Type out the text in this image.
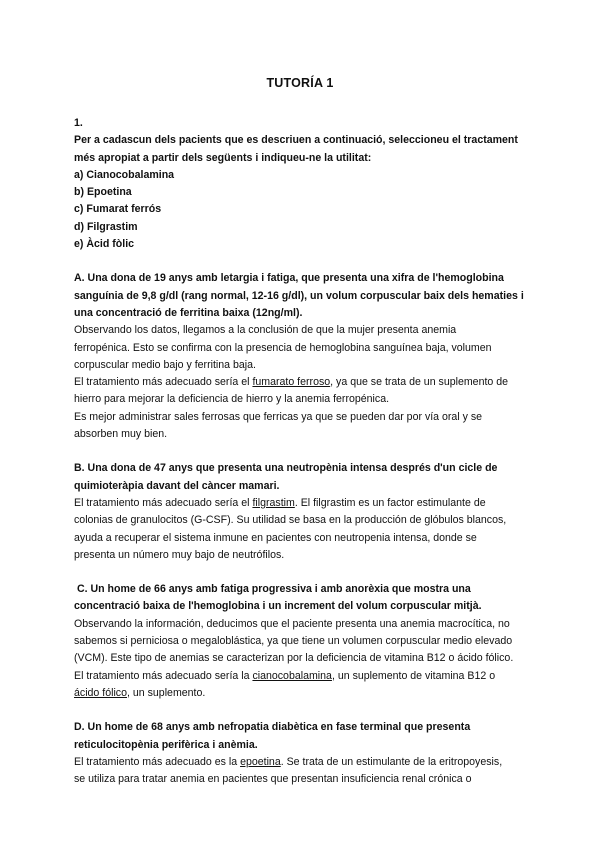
TUTORÍA 1
1.
Per a cadascun dels pacients que es descriuen a continuació, seleccioneu el tractament
més apropiat a partir dels següents i indiqueu-ne la utilitat:
a) Cianocobalamina
b) Epoetina
c) Fumarat ferrós
d) Filgrastim
e) Àcid fòlic
A. Una dona de 19 anys amb letargia i fatiga, que presenta una xifra de l'hemoglobina
sanguínia de 9,8 g/dl (rang normal, 12-16 g/dl), un volum corpuscular baix dels hematies i
una concentració de ferritina baixa (12ng/ml).
Observando los datos, llegamos a la conclusión de que la mujer presenta anemia
ferropénica. Esto se confirma con la presencia de hemoglobina sanguínea baja, volumen
corpuscular medio bajo y ferritina baja.
El tratamiento más adecuado sería el fumarato ferroso, ya que se trata de un suplemento de
hierro para mejorar la deficiencia de hierro y la anemia ferropénica.
Es mejor administrar sales ferrosas que ferricas ya que se pueden dar por vía oral y se
absorben muy bien.
B. Una dona de 47 anys que presenta una neutropènia intensa després d'un cicle de
quimioteràpia davant del càncer mamari.
El tratamiento más adecuado sería el filgrastim. El filgrastim es un factor estimulante de
colonias de granulocitos (G-CSF). Su utilidad se basa en la producción de glóbulos blancos,
ayuda a recuperar el sistema inmune en pacientes con neutropenia intensa, donde se
presenta un número muy bajo de neutrófilos.
C. Un home de 66 anys amb fatiga progressiva i amb anorèxia que mostra una
concentració baixa de l'hemoglobina i un increment del volum corpuscular mitjà.
Observando la información, deducimos que el paciente presenta una anemia macrocítica, no
sabemos si perniciosa o megaloblástica, ya que tiene un volumen corpuscular medio elevado
(VCM). Este tipo de anemias se caracterizan por la deficiencia de vitamina B12 o ácido fólico.
El tratamiento más adecuado sería la cianocobalamina, un suplemento de vitamina B12 o
ácido fólico, un suplemento.
D. Un home de 68 anys amb nefropatia diabètica en fase terminal que presenta
reticulocitopènia perifèrica i anèmia.
El tratamiento más adecuado es la epoetina. Se trata de un estimulante de la eritropoyesis,
se utiliza para tratar anemia en pacientes que presentan insuficiencia renal crónica o
